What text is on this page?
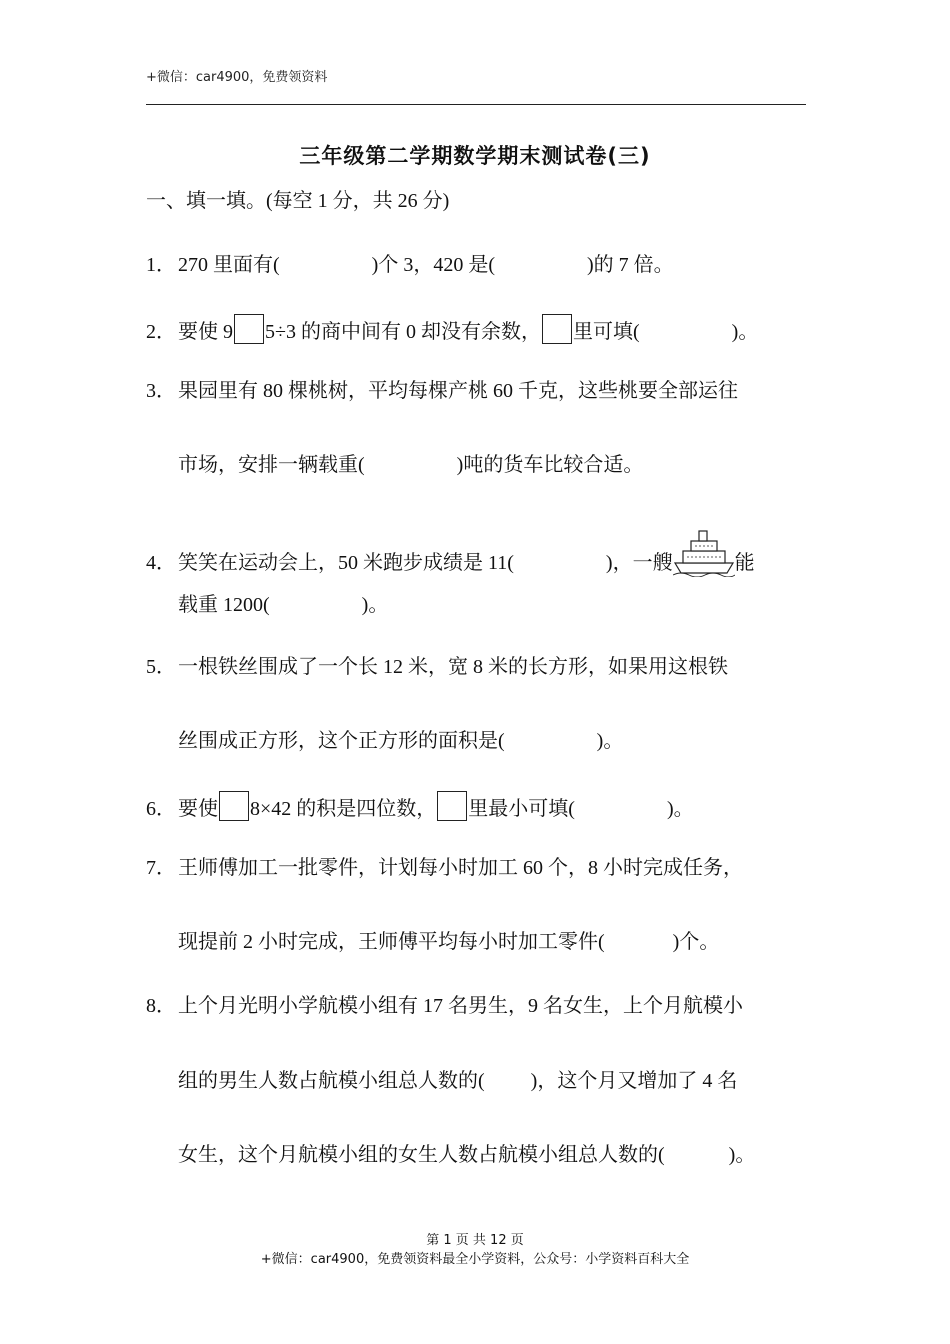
+微信：car4900，免费领资料
三年级第二学期数学期末测试卷(三)
一、填一填。(每空 1 分，共 26 分)
1． 270 里面有(	)个 3，420 是(	)的 7 倍。
2． 要使 9 5÷3 的商中间有 0 却没有余数， 里可填(	)。
3． 果园里有 80 棵桃树，平均每棵产桃 60 千克，这些桃要全部运往
市场，安排一辆载重(	)吨的货车比较合适。
4． 笑笑在运动会上，50 米跑步成绩是 11(	)，一艘	能
载重 1200(	)。
5． 一根铁丝围成了一个长 12 米，宽 8 米的长方形，如果用这根铁
丝围成正方形，这个正方形的面积是(	)。
6． 要使 8×42 的积是四位数， 里最小可填(	)。
7． 王师傅加工一批零件，计划每小时加工 60 个，8 小时完成任务，
现提前 2 小时完成，王师傅平均每小时加工零件(	)个。
8． 上个月光明小学航模小组有 17 名男生，9 名女生，上个月航模小
组的男生人数占航模小组总人数的( )，这个月又增加了 4 名
女生，这个月航模小组的女生人数占航模小组总人数的(	)。
第 1 页 共 12 页
+微信：car4900，免费领资料最全小学资料，公众号：小学资料百科大全
